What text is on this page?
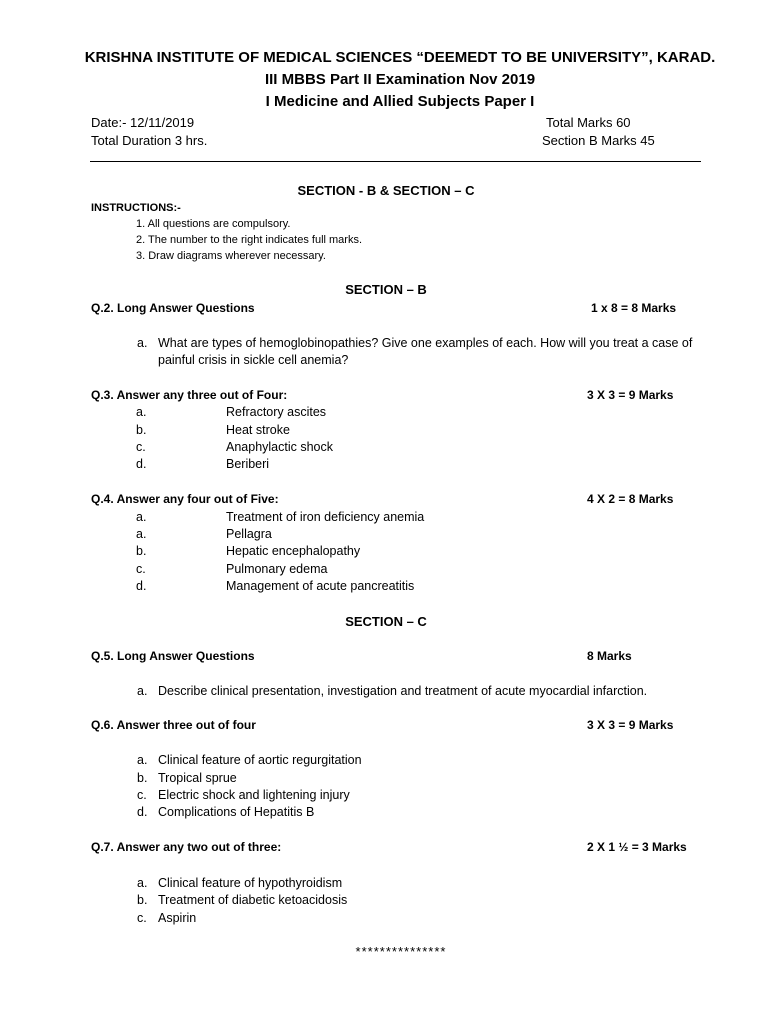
KRISHNA INSTITUTE OF MEDICAL SCIENCES “DEEMEDT TO BE UNIVERSITY”, KARAD.
III MBBS Part II Examination Nov 2019
I Medicine and Allied Subjects Paper I
Date:- 12/11/2019	Total Marks 60
Total Duration 3 hrs.	Section B Marks 45
SECTION - B & SECTION – C
INSTRUCTIONS:-
1. All questions are compulsory.
2. The number to the right indicates full marks.
3. Draw diagrams wherever necessary.
SECTION – B
Q.2. Long Answer Questions	1 x 8 = 8 Marks
a. What are types of hemoglobinopathies? Give one examples of each. How will you treat a case of
painful crisis in sickle cell anemia?
Q.3. Answer any three out of Four:	3 X 3 = 9 Marks
a.	Refractory ascites
b.	Heat stroke
c.	Anaphylactic shock
d.	Beriberi
Q.4. Answer any four out of Five:	4 X 2 = 8 Marks
a.	Treatment of iron deficiency anemia
a.	Pellagra
b.	Hepatic encephalopathy
c.	Pulmonary edema
d.	Management of acute pancreatitis
SECTION – C
Q.5. Long Answer Questions	8 Marks
a. Describe clinical presentation, investigation and treatment of acute myocardial infarction.
Q.6. Answer three out of four	3 X 3 = 9 Marks
a. Clinical feature of aortic regurgitation
b. Tropical sprue
c. Electric shock and lightening injury
d. Complications of Hepatitis B
Q.7. Answer any two out of three:	2 X 1 ½ = 3 Marks
a. Clinical feature of hypothyroidism
b. Treatment of diabetic ketoacidosis
c. Aspirin
***************
